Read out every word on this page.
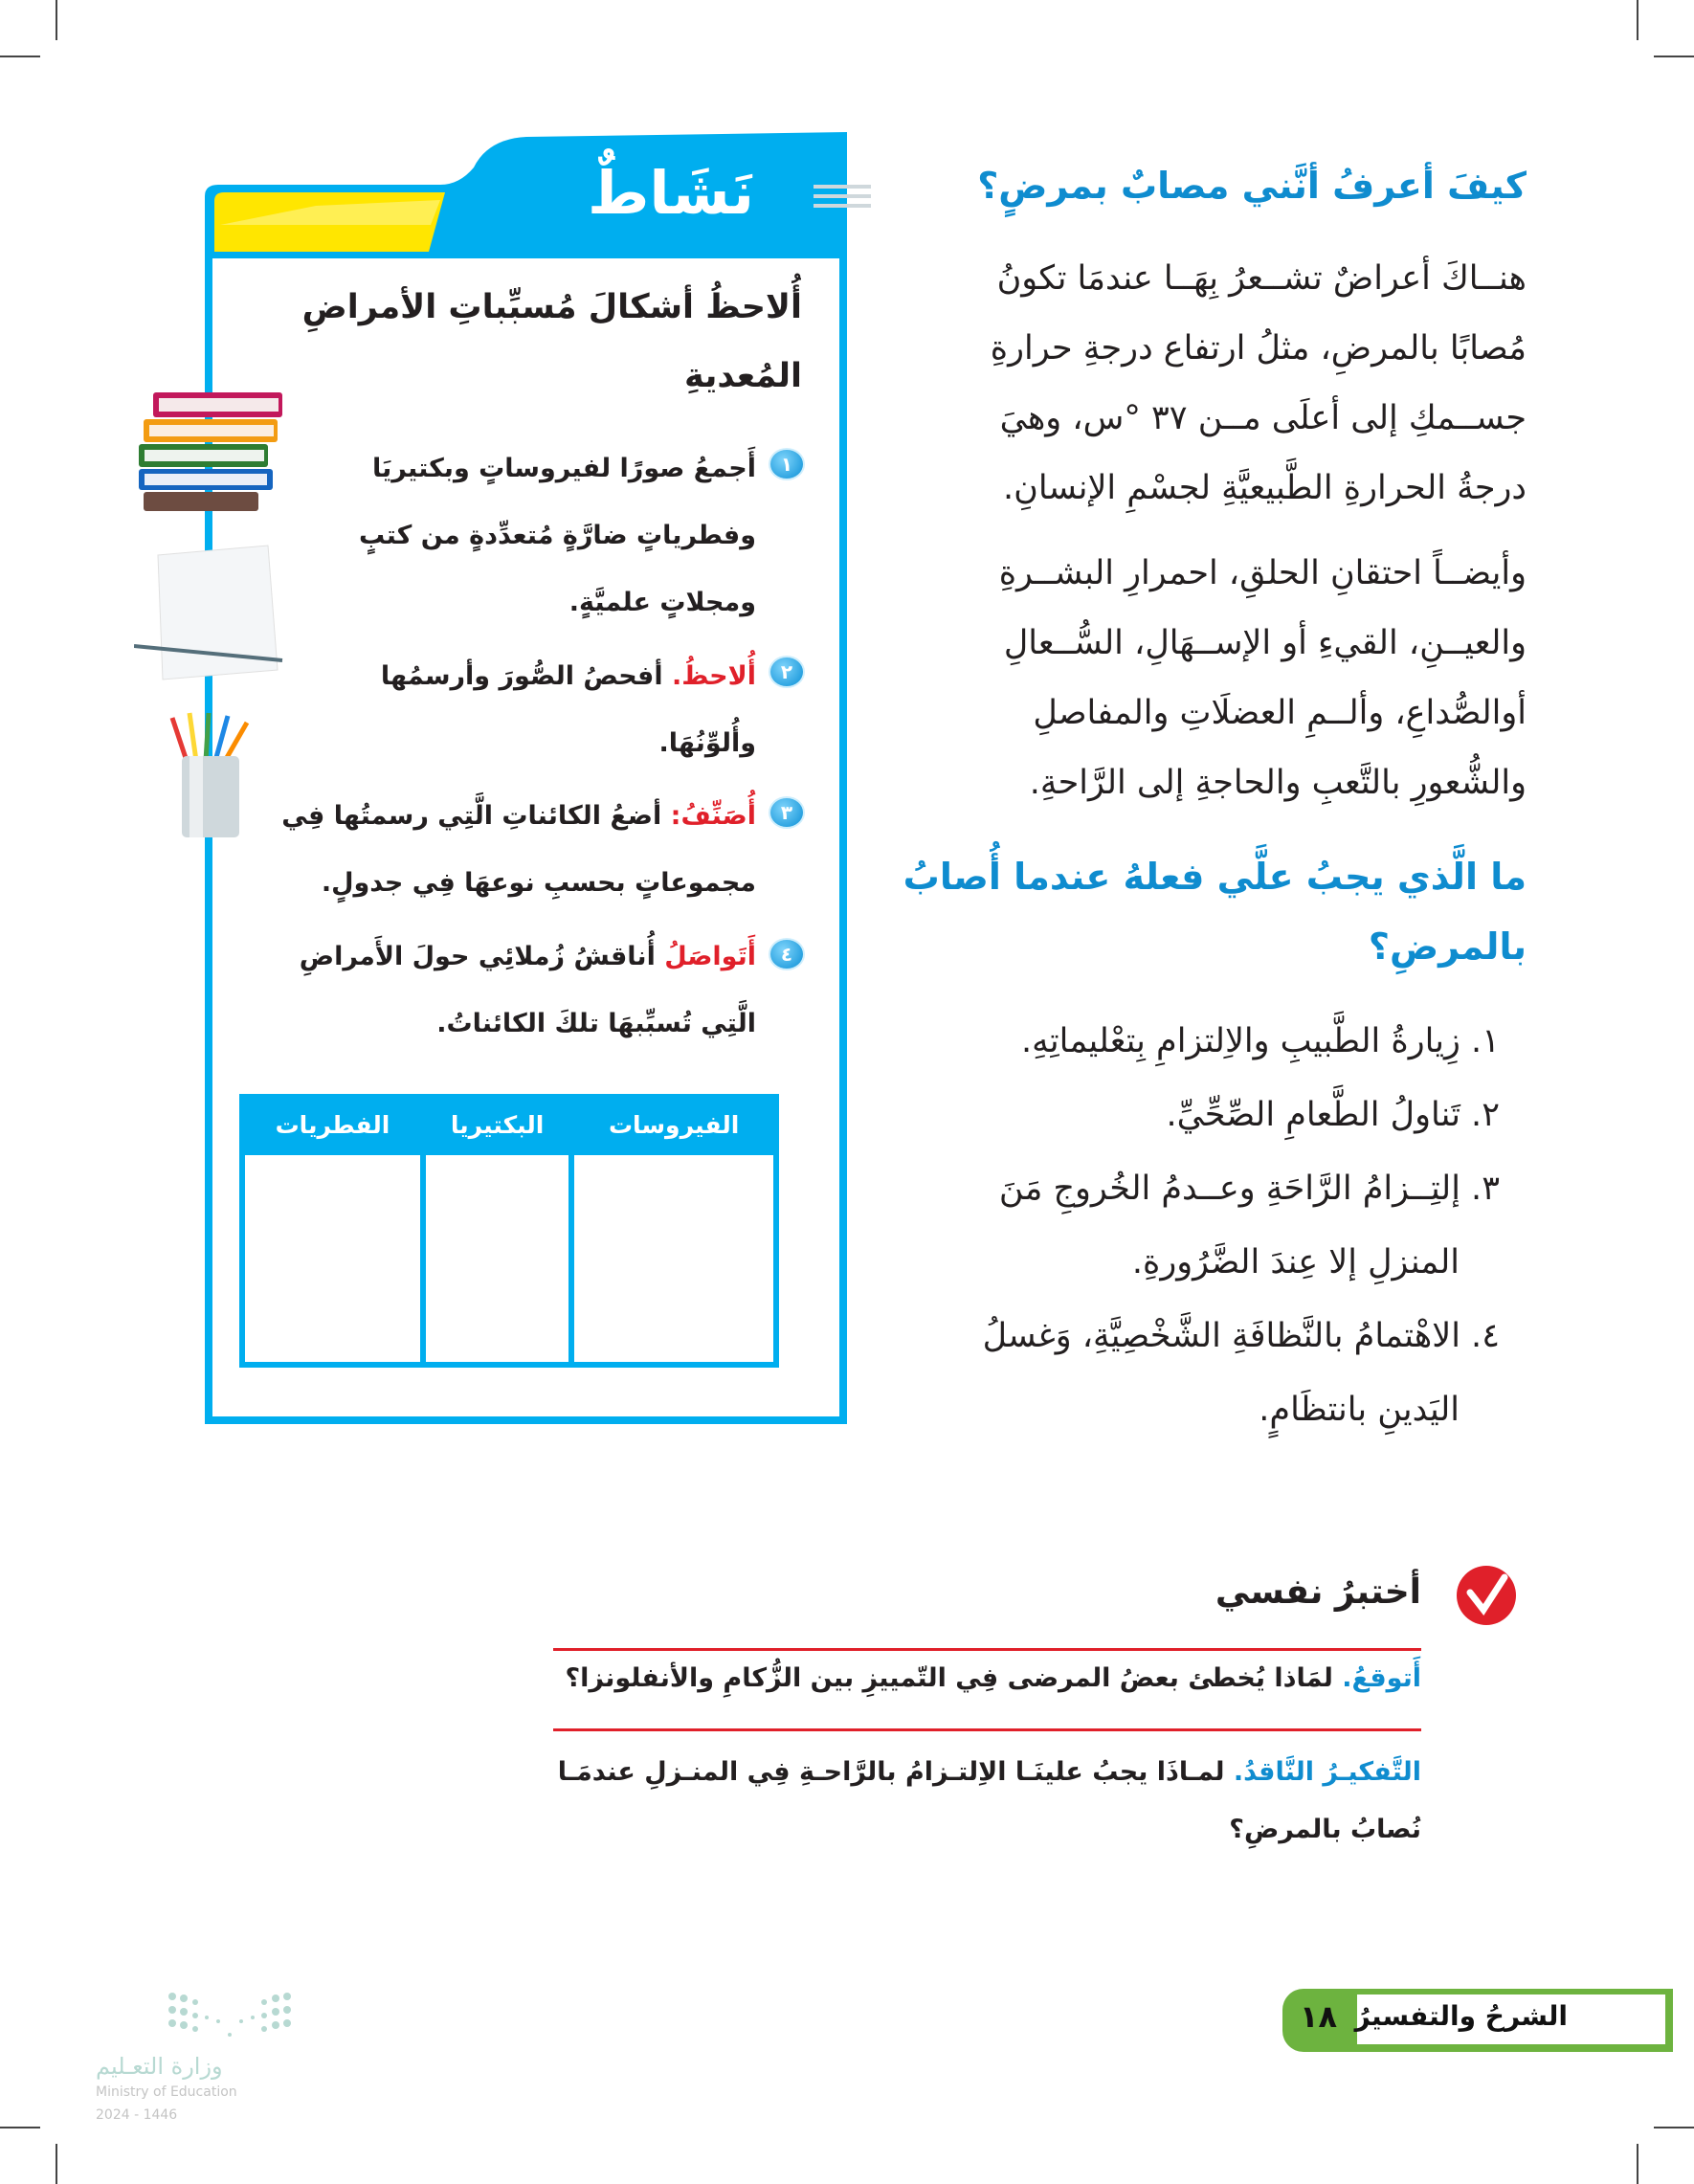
كيفَ أعرفُ أنَّني مصابٌ بمرضٍ؟
هنــاكَ أعراضٌ تشــعرُ بِهَــا عندمَا تكونُ
مُصابًا بالمرضِ، مثلُ ارتفاع درجةِ حرارةِ
جســمكِ إلى أعلَى مــن ٣٧ °س، وهيَ
درجةُ الحرارةِ الطَّبيعيَّةِ لجسْمِ الإنسانِ.
وأيضــاً احتقانِ الحلقِ، احمرارِ البشــرةِ
والعيــنِ، القيءِ أو الإســهَالِ، السُّــعالِ
أوالصُّداعِ، وألــمِ العضلَاتِ والمفاصلِ
والشُّعورِ بالتَّعبِ والحاجةِ إلى الرَّاحةِ.
ما الَّذي يجبُ علَّي فعلهُ عندما أُصابُ
بالمرضِ؟
١. زِيارةُ الطَّبيبِ والاِلتزامِ بِتعْليماتِهِ.
٢. تَناولُ الطَّعامِ الصِّحِّيِّ.
٣. إلتِــزامُ الرَّاحَةِ وعــدمُ الخُروجِ مَنَ
المنزلِ إلا عِندَ الضَّرُورةِ.
٤. الاهْتمامُ بالنَّظافَةِ الشَّخْصِيَّةِ، وَغسلُ
اليَدينِ بانتظَامٍ.
نَشَاطٌ
أُلاحظُ أشكالَ مُسبِّباتِ الأمراضِ
المُعديةِ
١
أَجمعُ صورًا لفيروساتٍ وبكتيريَا
وفطرياتٍ ضارَّةٍ مُتعدِّدةٍ من كتبٍ
ومجلاتٍ علميَّةٍ.
٢
أُلاحظُ. أفحصُ الصُّورَ وأرسمُها
وأُلوِّنُهَا.
٣
أُصَنِّفُ: أضعُ الكائناتِ الَّتِي رسمتُها فِي
مجموعاتٍ بحسبِ نوعهَا فِي جدولٍ.
٤
أَتَواصَلُ أُناقشُ زُملائِي حولَ الأَمراضِ
الَّتِي تُسبِّبهَا تلكَ الكائناتُ.
الفيروسات	البكتيريا	الفطريات

أختبرُ نفسي
أَتوقعُ. لمَاذا يُخطئ بعضُ المرضى فِي التّمييزِ بين الزُّكامِ والأنفلونزا؟
التَّفكيـرُ النَّاقدُ. لمـاذَا يجبُ علينَـا الاِلتـزامُ بالرَّاحـةِ فِي المنـزلِ عندمَـا
نُصابُ بالمرضِ؟
الشرحُ والتفسيرُ
١٨
وزارة التعـليم
Ministry of Education
2024 - 1446
